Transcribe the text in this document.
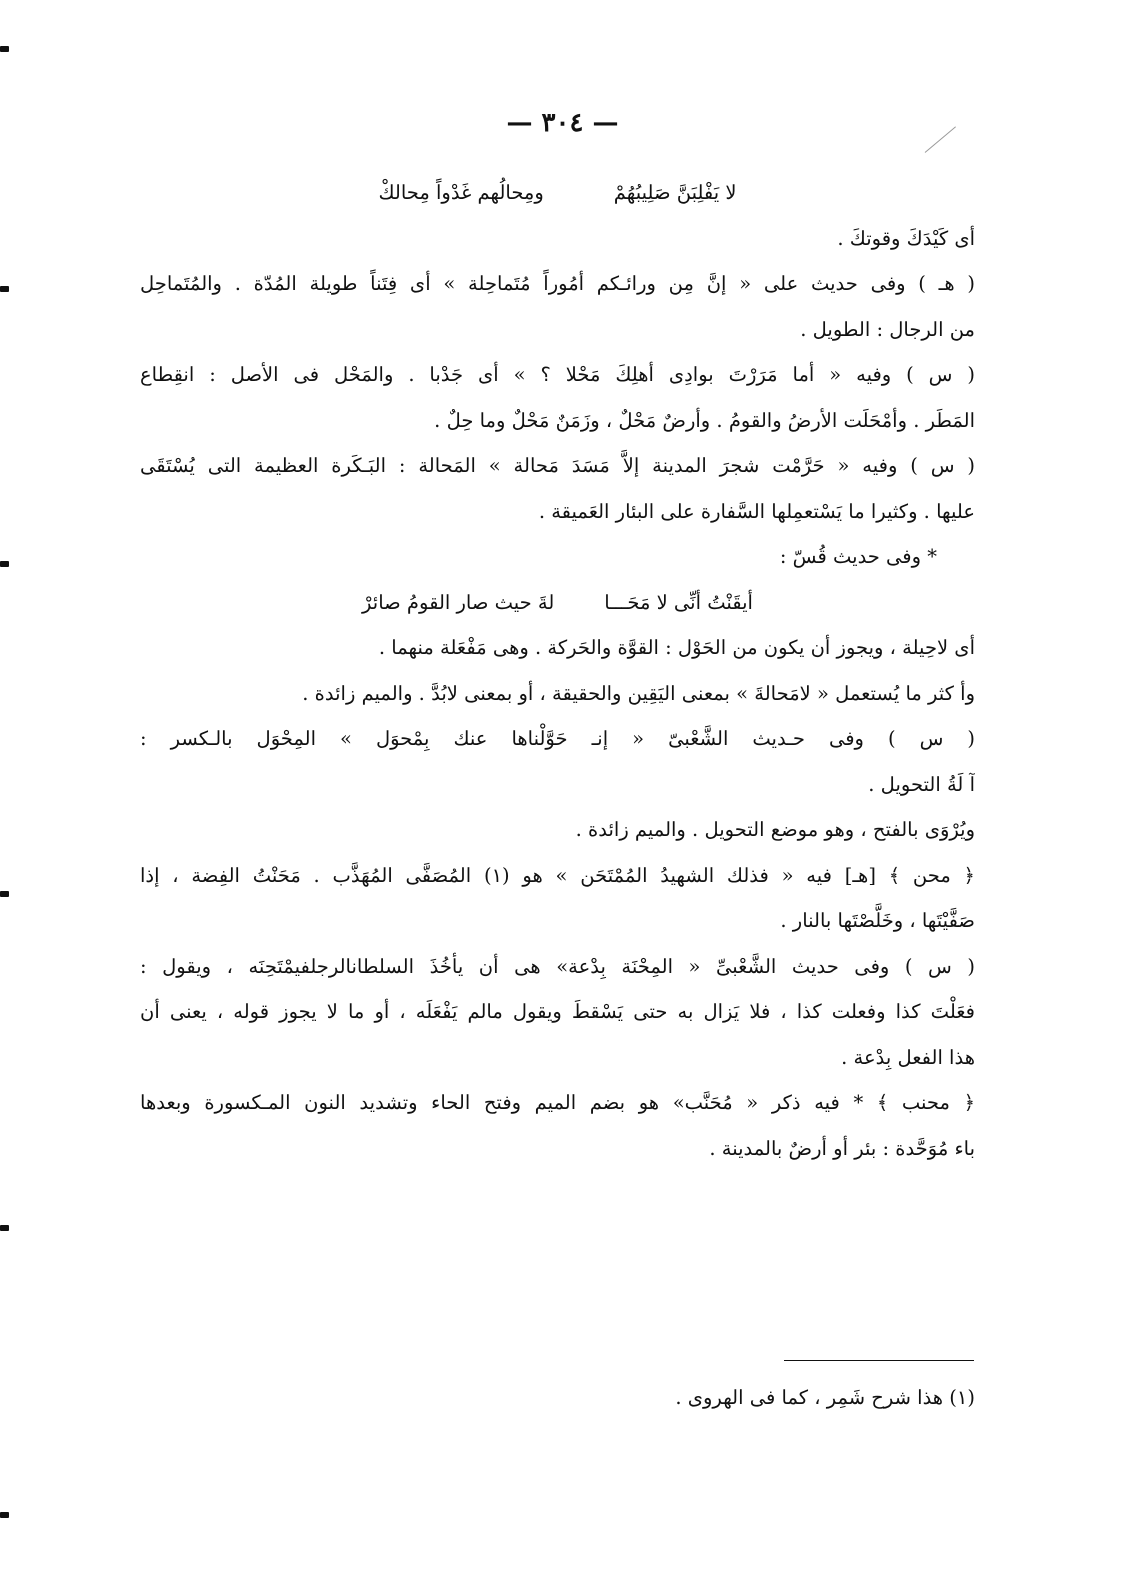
— ٣٠٤ —
لا يَفْلِبَنَّ صَلِيبُهُمْ
ومِحالُهم غَدْواً مِحالكْ
أى كَيْدَكَ وقوتكَ .
( هـ ) وفى حديث على « إنَّ مِن ورائـكم أمُوراً مُتَماحِلة » أى فِتَناً طويلة المُدّة . والمُتَماحِل
من الرجال : الطويل .
( س ) وفيه « أما مَرَرْتَ بوادِى أهلِكَ مَحْلا ؟ » أى جَدْبا . والمَحْل فى الأصل : انقِطاع
المَطَر . وأمْحَلَت الأرضُ والقومُ . وأرضٌ مَحْلٌ ، وزَمَنٌ مَحْلٌ وما حِلٌ .
( س ) وفيه « حَرَّمْت شجرَ المدينة إلاَّ مَسَدَ مَحالة » المَحالة : البَـكَرة العظيمة التى يُسْتَقَى
عليها . وكثيرا ما يَسْتعمِلها السَّفارة على البئار العَميقة .
* وفى حديث قُسّ :
أيقَنْتُ أنِّى لا مَحَـــا
لةَ حيث صار القومُ صائرْ
أى لاحِيلة ، ويجوز أن يكون من الحَوْل : القوَّة والحَركة . وهى مَفْعَلة منهما .
وأ كثر ما يُستعمل « لامَحالةَ » بمعنى اليَقِين والحقيقة ، أو بمعنى لابُدَّ . والميم زائدة .
( س ) وفى حـديث الشَّعْبىّ « إنـ حَوَّلْناها عنك بِمْحوَل » المِحْوَل بالـكسر :
آ لَةُ التحويل .
ويُرْوَى بالفتح ، وهو موضع التحويل . والميم زائدة .
﴿ محن ﴾ [هـ] فيه « فذلك الشهيدُ المُمْتَحَن » هو (١) المُصَفَّى المُهَذَّب . مَحَنْتُ الفِضة ، إذا
صَفَّيْتَها ، وخَلَّصْتَها بالنار .
( س ) وفى حديث الشَّعْبىِّ « المِحْنَة بِدْعة» هى أن يأخُذَ السلطانالرجلفيمْتَحِنَه ، ويقول :
فعَلْتَ كذا وفعلت كذا ، فلا يَزال به حتى يَسْقطَ ويقول مالم يَفْعَلَه ، أو ما لا يجوز قوله ، يعنى أن
هذا الفعل بِدْعة .
﴿ محنب ﴾ * فيه ذكر « مُحَنَّب» هو بضم الميم وفتح الحاء وتشديد النون المـكسورة وبعدها
باء مُوَحَّدة : بئر أو أرضٌ بالمدينة .
(١) هذا شرح شَمِر ، كما فى الهروى .
